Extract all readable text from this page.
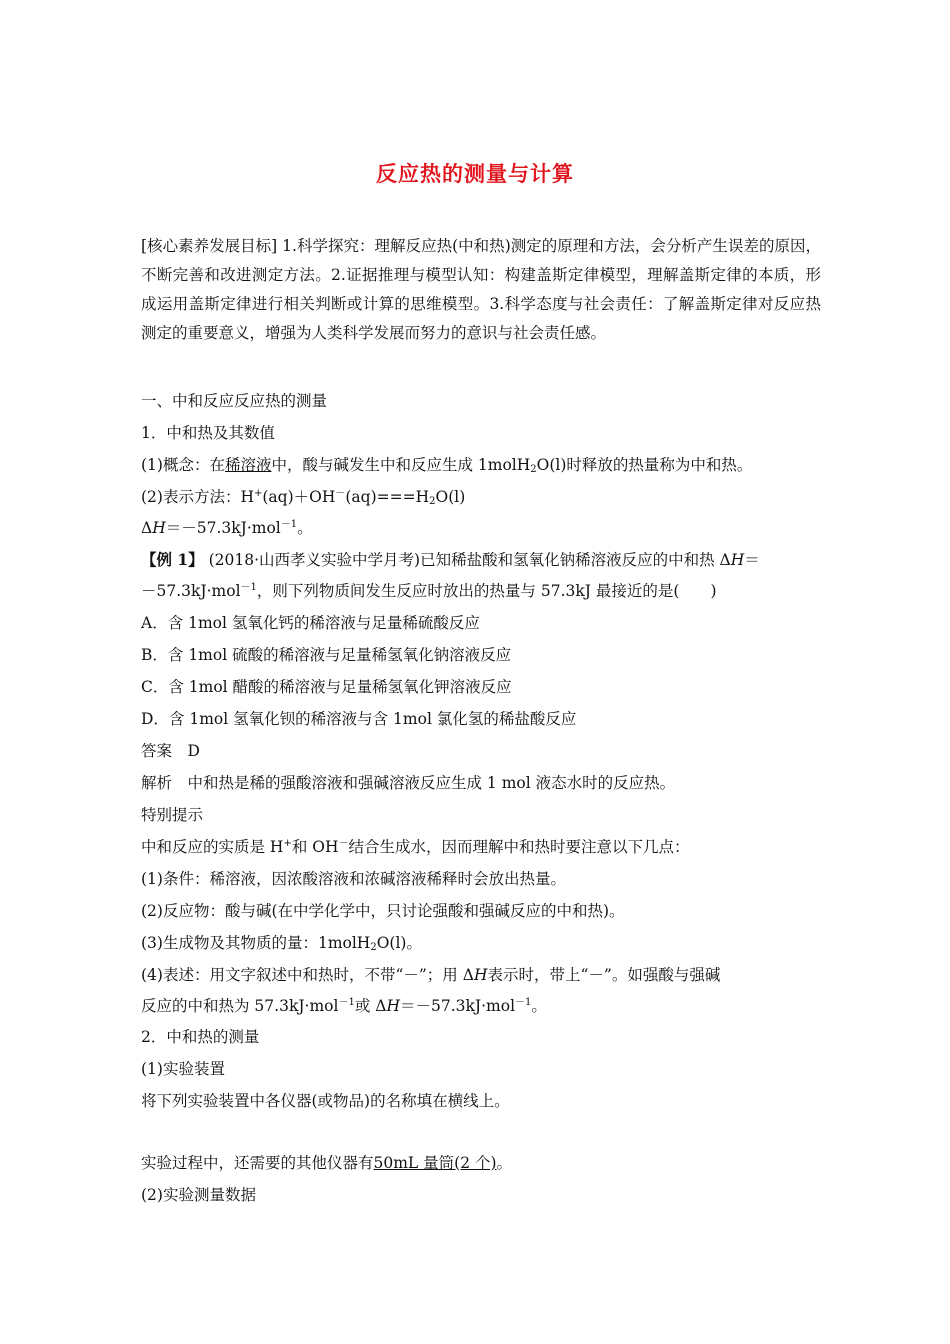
反应热的测量与计算
[核心素养发展目标] 1.科学探究：理解反应热(中和热)测定的原理和方法，会分析产生误差的原因，不断完善和改进测定方法。2.证据推理与模型认知：构建盖斯定律模型，理解盖斯定律的本质，形成运用盖斯定律进行相关判断或计算的思维模型。3.科学态度与社会责任：了解盖斯定律对反应热测定的重要意义，增强为人类科学发展而努力的意识与社会责任感。
一、中和反应反应热的测量
1．中和热及其数值
(1)概念：在稀溶液中，酸与碱发生中和反应生成 1molH$_2$O(l)时释放的热量称为中和热。
(2)表示方法：$H^+(aq)+OH^-(aq)===H_2O(l)$
ΔH＝－57.3kJ·mol$^{-1}$。
【例 1】 (2018·山西孝义实验中学月考)已知稀盐酸和氢氧化钠稀溶液反应的中和热 ΔH＝
－57.3kJ·mol$^{-1}$，则下列物质间发生反应时放出的热量与 57.3kJ 最接近的是(　　)
A．含 1mol 氢氧化钙的稀溶液与足量稀硫酸反应
B．含 1mol 硫酸的稀溶液与足量稀氢氧化钠溶液反应
C．含 1mol 醋酸的稀溶液与足量稀氢氧化钾溶液反应
D．含 1mol 氢氧化钡的稀溶液与含 1mol 氯化氢的稀盐酸反应
答案　D
解析　中和热是稀的强酸溶液和强碱溶液反应生成 1 mol 液态水时的反应热。
特别提示
中和反应的实质是 H+和 OH－结合生成水，因而理解中和热时要注意以下几点：
(1)条件：稀溶液，因浓酸溶液和浓碱溶液稀释时会放出热量。
(2)反应物：酸与碱(在中学化学中，只讨论强酸和强碱反应的中和热)。
(3)生成物及其物质的量：1molH$_2$O(l)。
(4)表述：用文字叙述中和热时，不带“－”；用 ΔH表示时，带上“－”。如强酸与强碱
反应的中和热为 57.3kJ·mol$^{-1}$或 ΔH＝－57.3kJ·mol$^{-1}$。
2．中和热的测量
(1)实验装置
将下列实验装置中各仪器(或物品)的名称填在横线上。
实验过程中，还需要的其他仪器有50mL 量筒(2 个)。
(2)实验测量数据
